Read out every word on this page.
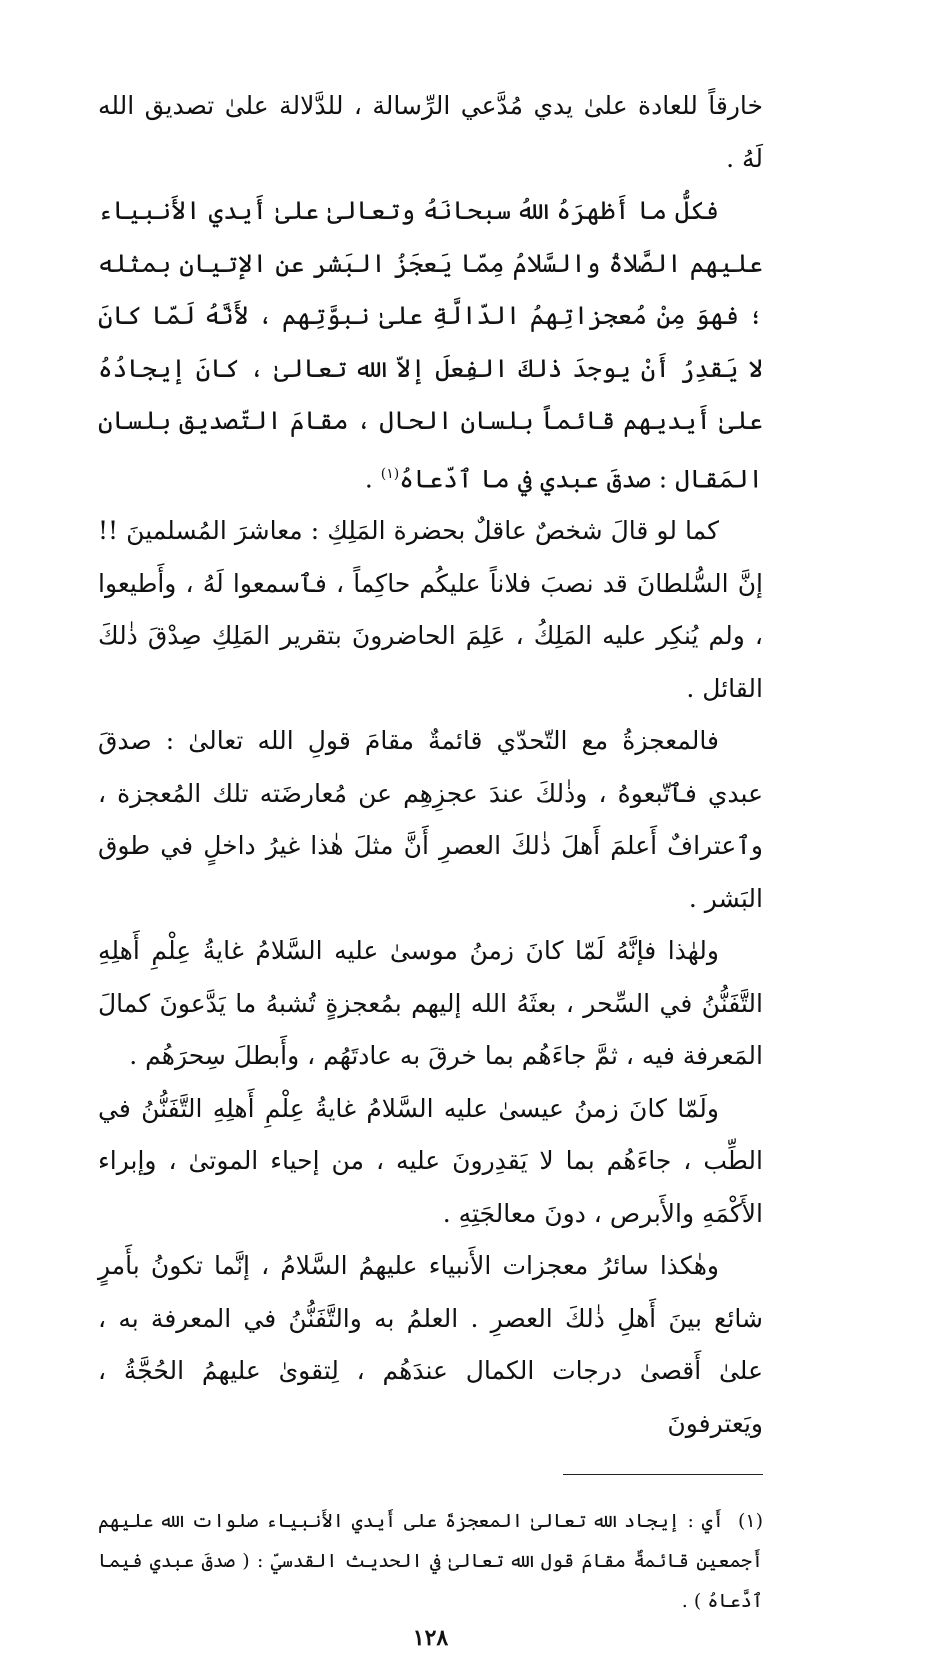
خارقاً للعادة علىٰ يدي مُدَّعي الرِّسالة ، للدَّلالة علىٰ تصديق الله لَهُ .

فكلُّ ما أَظهرَهُ اللهُ سبحانَهُ وتعالىٰ علىٰ أَيدي الأَنبياء عليهم الصَّلاةُ والسَّلامُ مِمّا يَعجَزُ البَشر عن الإتيان بمثله ؛ فهوَ مِنْ مُعجزاتِهمُ الدّالَّةِ علىٰ نبوَّتِهم ، لأَنَّهُ لَمّا كانَ لا يَقدِرُ أَنْ يوجدَ ذٰلكَ الفِعلَ إلاّ الله تعالىٰ ، كانَ إيجادُهُ علىٰ أَيديهم قائماً بلسان الحال ، مقامَ التّصديق بلسان المَقال : صدقَ عبدي في ما ٱدّعاهُ$^{(١)}$ .

كما لو قالَ شخصٌ عاقلٌ بحضرة المَلِكِ : معاشرَ المُسلمينَ !! إنَّ السُّلطانَ قد نصبَ فلاناً عليكُم حاكِماً ، فٱسمعوا لَهُ ، وأَطيعوا ، ولم يُنكِر عليه المَلِكُ ، عَلِمَ الحاضرونَ بتقرير المَلِكِ صِدْقَ ذٰلكَ القائل .

فالمعجزةُ مع التّحدّي قائمةٌ مقامَ قولِ الله تعالىٰ : صدقَ عبدي فٱتّبعوهُ ، وذٰلكَ عندَ عجزِهِم عن مُعارضَته تلك المُعجزة ، وٱعترافٌ أَعلمَ أَهلَ ذٰلكَ العصرِ أَنَّ مثلَ هٰذا غيرُ داخلٍ في طوق البَشر .

ولهٰذا فإنَّهُ لَمّا كانَ زمنُ موسىٰ عليه السَّلامُ غايةُ عِلْمِ أَهلِهِ التَّفَنُّنُ في السِّحر ، بعثَهُ الله إليهم بمُعجزةٍ تُشبهُ ما يَدَّعونَ كمالَ المَعرفة فيه ، ثمَّ جاءَهُم بما خرقَ به عادتَهُم ، وأَبطلَ سِحرَهُم .

ولَمّا كانَ زمنُ عيسىٰ عليه السَّلامُ غايةُ عِلْمِ أَهلِهِ التَّفَنُّنُ في الطِّب ، جاءَهُم بما لا يَقدِرونَ عليه ، من إحياء الموتىٰ ، وإبراء الأَكْمَهِ والأَبرص ، دونَ معالجَتِهِ .

وهٰكذا سائرُ معجزات الأَنبياء عليهمُ السَّلامُ ، إنَّما تكونُ بأَمرٍ شائع بينَ أَهلِ ذٰلكَ العصرِ . العلمُ به والتَّفَنُّنُ في المعرفة به ، علىٰ أَقصىٰ درجات الكمال عندَهُم ، لِتقوىٰ عليهمُ الحُجَّةُ ، ويَعترفونَ

(١)أَي : إيجاد الله تعالىٰ المعجزةَ على أَيدي الأَنبياء صلوات الله عليهم أَجمعين قائمةٌ مقامَ قول الله تعالىٰ في الحديث القدسيّ : ( صدقَ عبدي فيما ٱدَّعاهُ ) .

١٢٨
